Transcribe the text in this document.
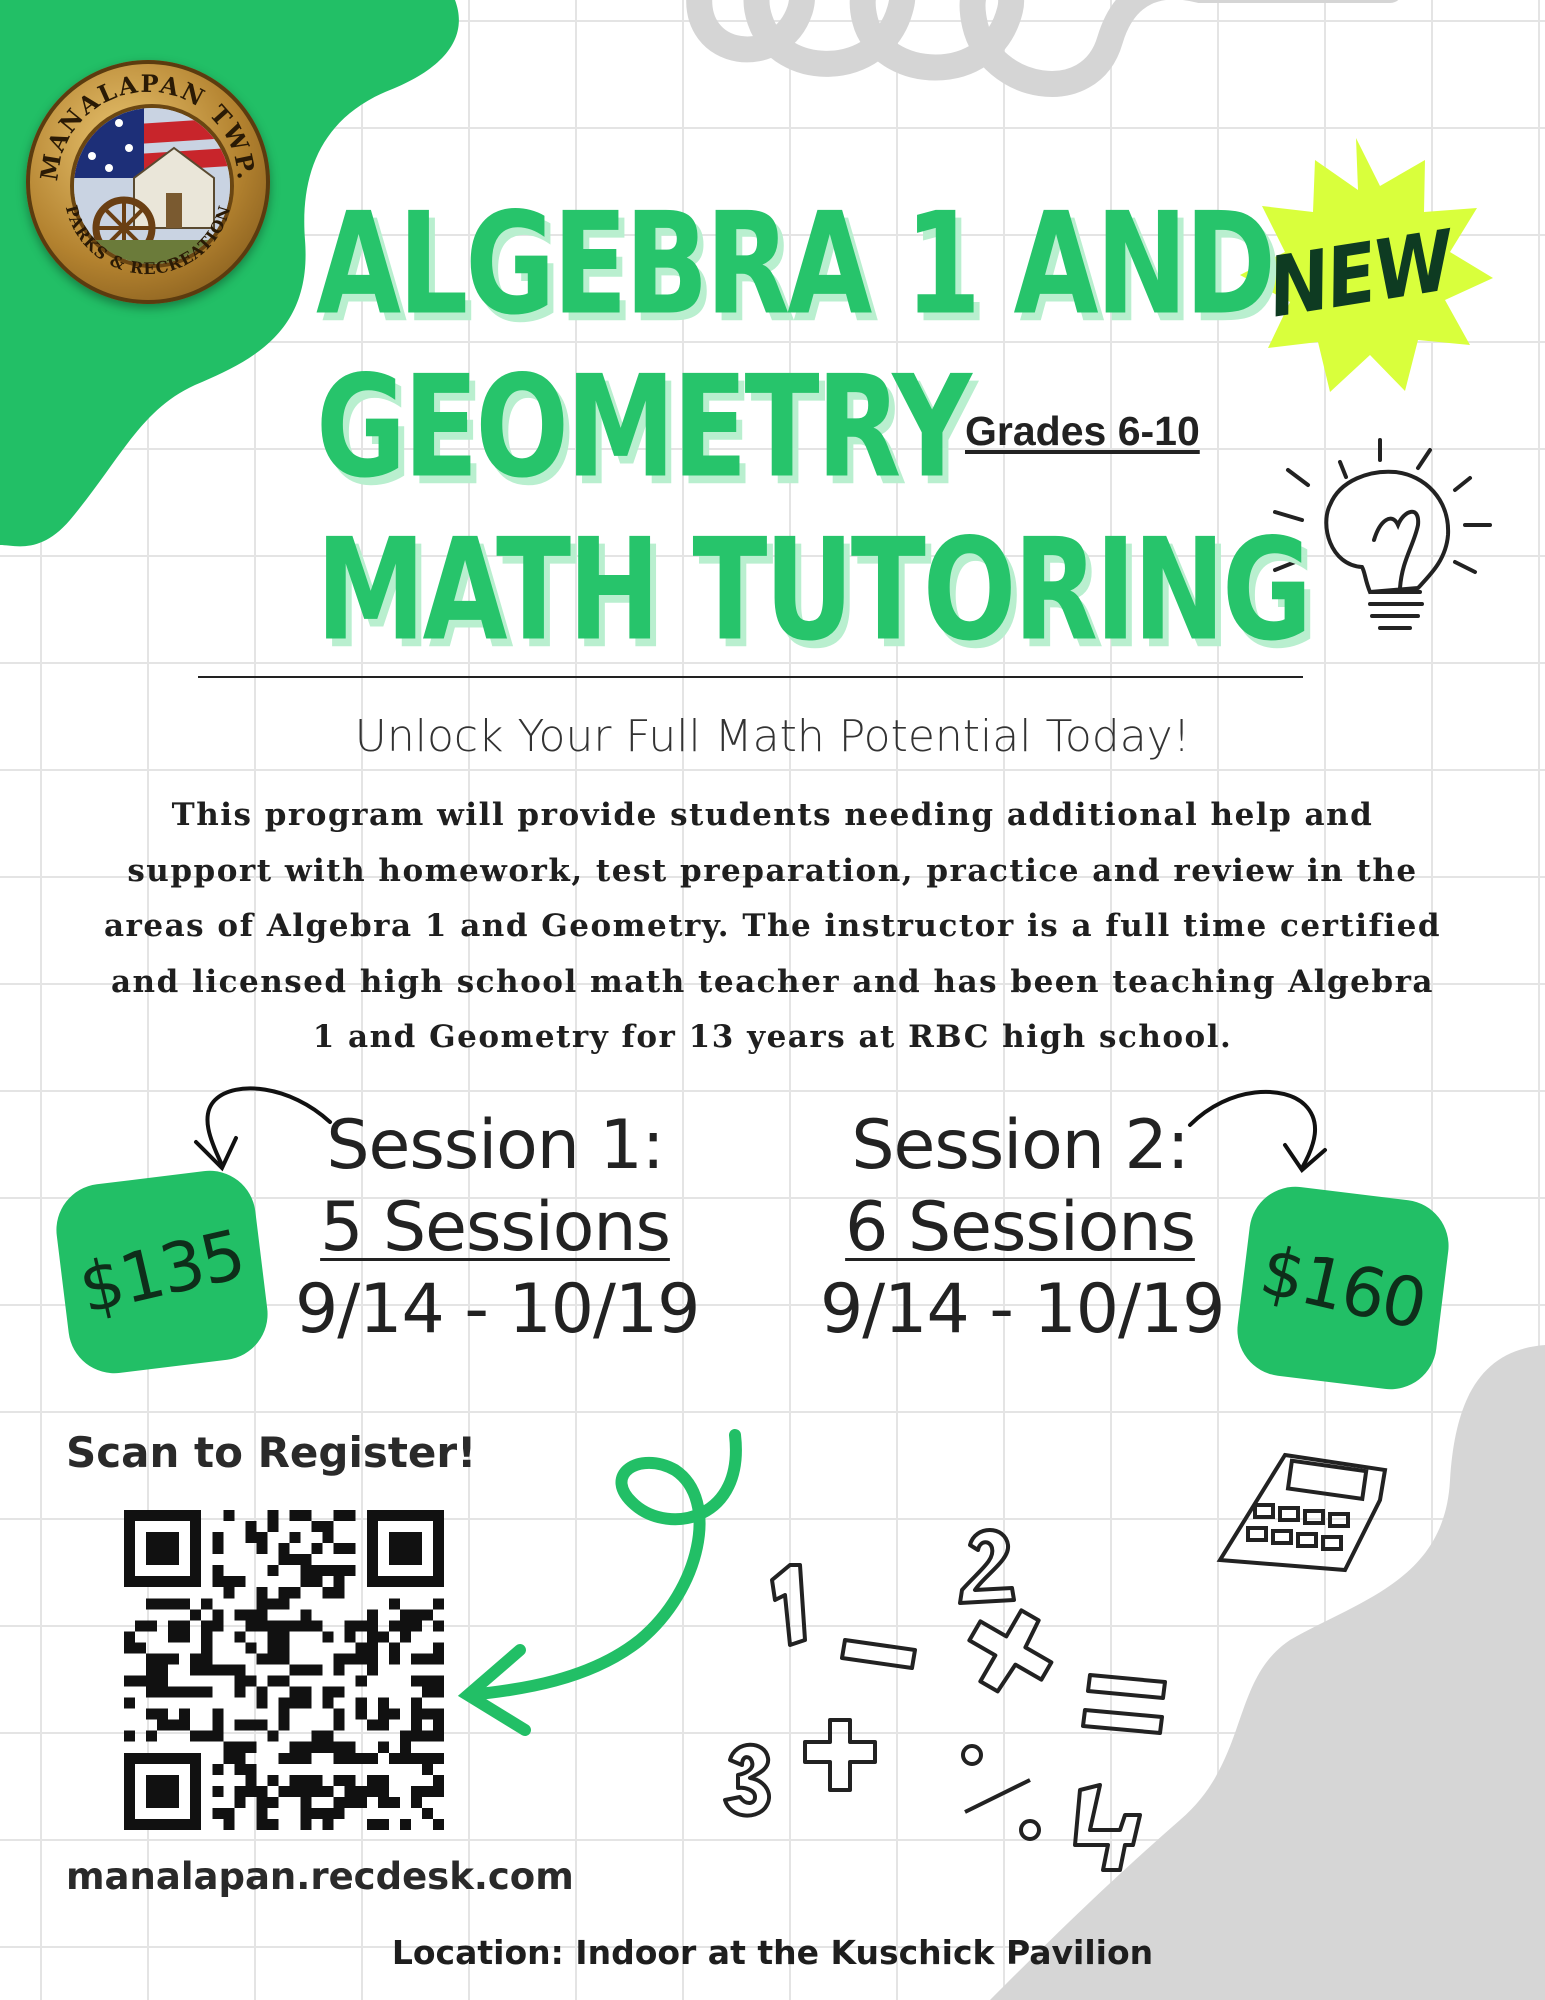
MANALAPAN TWP.
PARKS & RECREATION ALGEBRA 1 AND
GEOMETRY
MATH TUTORING
NEW
Grades 6-10
Unlock Your Full Math Potential Today!
This program will provide students needing additional help and support with homework, test preparation, practice and review in the areas of Algebra 1 and Geometry. The instructor is a full time certified and licensed high school math teacher and has been teaching Algebra 1 and Geometry for 13 years at RBC high school.
Session 1:
5 Sessions
9/14 - 10/19
Session 2:
6 Sessions
9/14 - 10/19
$135	$160
Scan to Register!
manalapan.recdesk.com
Location: Indoor at the Kuschick Pavilion
